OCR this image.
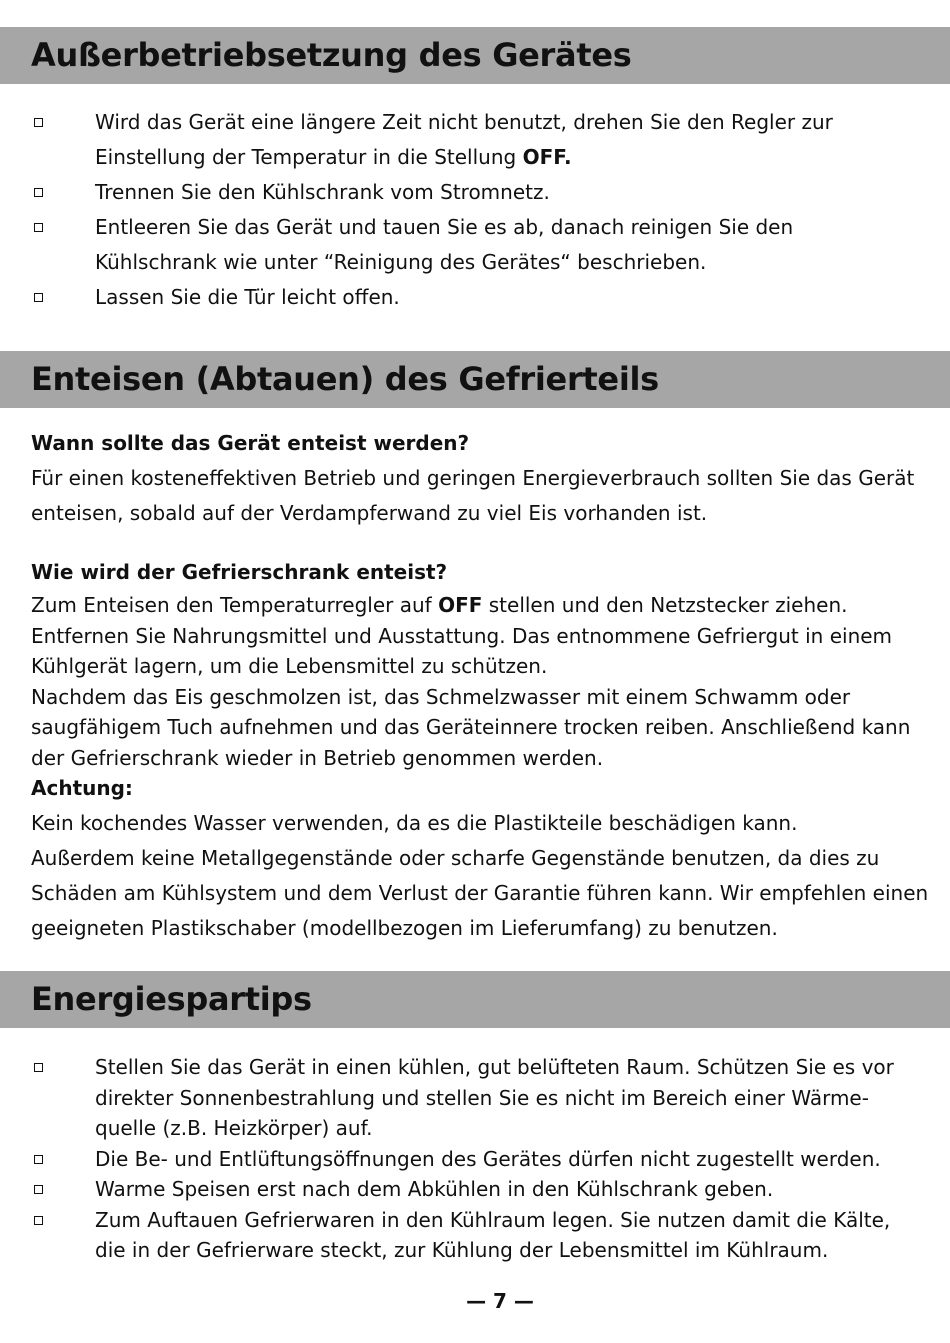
Außerbetriebsetzung des Gerätes
Wird das Gerät eine längere Zeit nicht benutzt, drehen Sie den Regler zur Einstellung der Temperatur in die Stellung OFF.
Trennen Sie den Kühlschrank vom Stromnetz.
Entleeren Sie das Gerät und tauen Sie es ab, danach reinigen Sie den Kühlschrank wie unter “Reinigung des Gerätes“ beschrieben.
Lassen Sie die Tür leicht offen.
Enteisen (Abtauen) des Gefrierteils
Wann sollte das Gerät enteist werden?

Für einen kosteneffektiven Betrieb und geringen Energieverbrauch sollten Sie das Gerät enteisen, sobald auf der Verdampferwand zu viel Eis vorhanden ist.

Wie wird der Gefrierschrank enteist?

Zum Enteisen den Temperaturregler auf OFF stellen und den Netzstecker ziehen. Entfernen Sie Nahrungsmittel und Ausstattung. Das entnommene Gefriergut in einem Kühlgerät lagern, um die Lebensmittel zu schützen.

Nachdem das Eis geschmolzen ist, das Schmelzwasser mit einem Schwamm oder saugfähigem Tuch aufnehmen und das Geräteinnere trocken reiben. Anschließend kann der Gefrierschrank wieder in Betrieb genommen werden.

Achtung:

Kein kochendes Wasser verwenden, da es die Plastikteile beschädigen kann.

Außerdem keine Metallgegenstände oder scharfe Gegenstände benutzen, da dies zu Schäden am Kühlsystem und dem Verlust der Garantie führen kann. Wir empfehlen einen geeigneten Plastikschaber (modellbezogen im Lieferumfang) zu benutzen.

Energiespartips
Stellen Sie das Gerät in einen kühlen, gut belüfteten Raum. Schützen Sie es vor direkter Sonnenbestrahlung und stellen Sie es nicht im Bereich einer Wärme-quelle (z.B. Heizkörper) auf.
Die Be- und Entlüftungsöffnungen des Gerätes dürfen nicht zugestellt werden.
Warme Speisen erst nach dem Abkühlen in den Kühlschrank geben.
Zum Auftauen Gefrierwaren in den Kühlraum legen. Sie nutzen damit die Kälte, die in der Gefrierware steckt, zur Kühlung der Lebensmittel im Kühlraum.
— 7 —
